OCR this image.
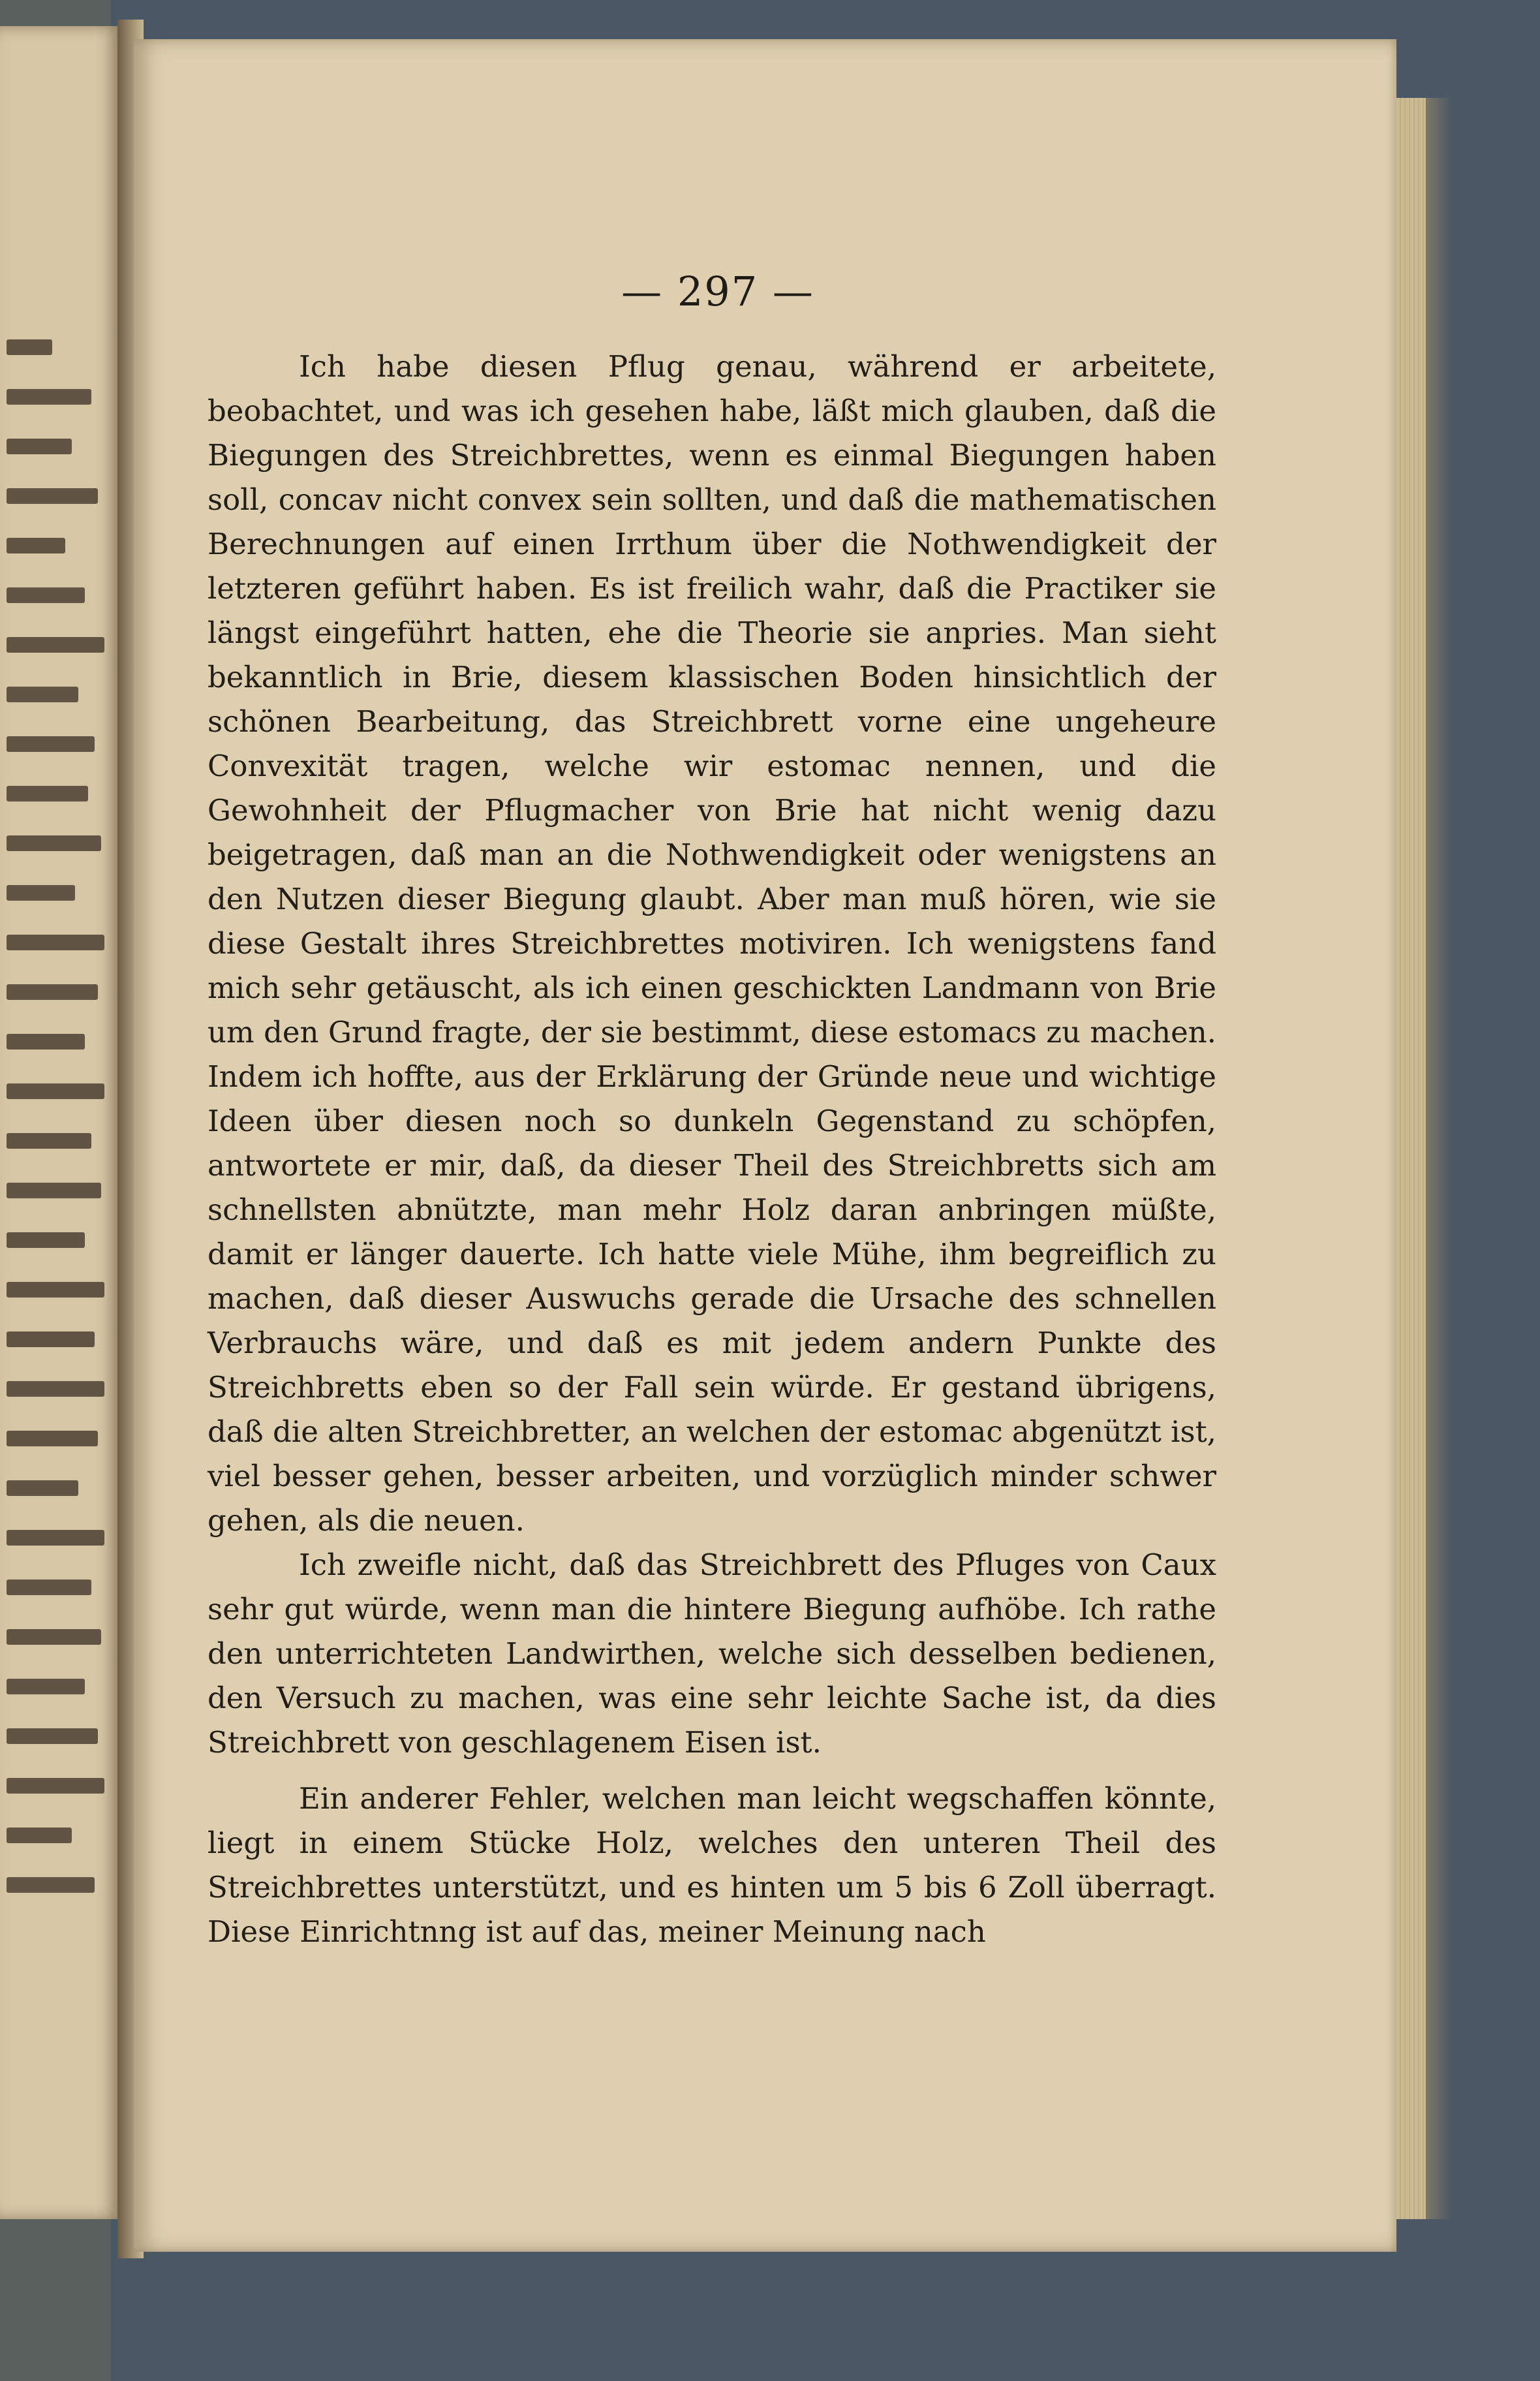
— 297 —

Ich habe diesen Pflug genau, während er arbeitete, beobachtet, und was ich gesehen habe, läßt mich glauben, daß die Biegungen des Streichbrettes, wenn es einmal Biegungen haben soll, concav nicht convex sein sollten, und daß die mathematischen Berechnungen auf einen Irrthum über die Nothwendigkeit der letzteren geführt haben. Es ist freilich wahr, daß die Practiker sie längst eingeführt hatten, ehe die Theorie sie anpries. Man sieht bekanntlich in Brie, diesem klassischen Boden hinsichtlich der schönen Bearbeitung, das Streichbrett vorne eine ungeheure Convexität tragen, welche wir estomac nennen, und die Gewohnheit der Pflugmacher von Brie hat nicht wenig dazu beigetragen, daß man an die Nothwendigkeit oder wenigstens an den Nutzen dieser Biegung glaubt. Aber man muß hören, wie sie diese Gestalt ihres Streichbrettes motiviren. Ich wenigstens fand mich sehr getäuscht, als ich einen geschickten Landmann von Brie um den Grund fragte, der sie bestimmt, diese estomacs zu machen. Indem ich hoffte, aus der Erklärung der Gründe neue und wichtige Ideen über diesen noch so dunkeln Gegenstand zu schöpfen, antwortete er mir, daß, da dieser Theil des Streichbretts sich am schnellsten abnützte, man mehr Holz daran anbringen müßte, damit er länger dauerte. Ich hatte viele Mühe, ihm begreiflich zu machen, daß dieser Auswuchs gerade die Ursache des schnellen Verbrauchs wäre, und daß es mit jedem andern Punkte des Streichbretts eben so der Fall sein würde. Er gestand übrigens, daß die alten Streichbretter, an welchen der estomac abgenützt ist, viel besser gehen, besser arbeiten, und vorzüglich minder schwer gehen, als die neuen.

Ich zweifle nicht, daß das Streichbrett des Pfluges von Caux sehr gut würde, wenn man die hintere Biegung aufhöbe. Ich rathe den unterrichteten Landwirthen, welche sich desselben bedienen, den Versuch zu machen, was eine sehr leichte Sache ist, da dies Streichbrett von geschlagenem Eisen ist.

Ein anderer Fehler, welchen man leicht wegschaffen könnte, liegt in einem Stücke Holz, welches den unteren Theil des Streichbrettes unterstützt, und es hinten um 5 bis 6 Zoll überragt. Diese Einrichtnng ist auf das, meiner Meinung nach
